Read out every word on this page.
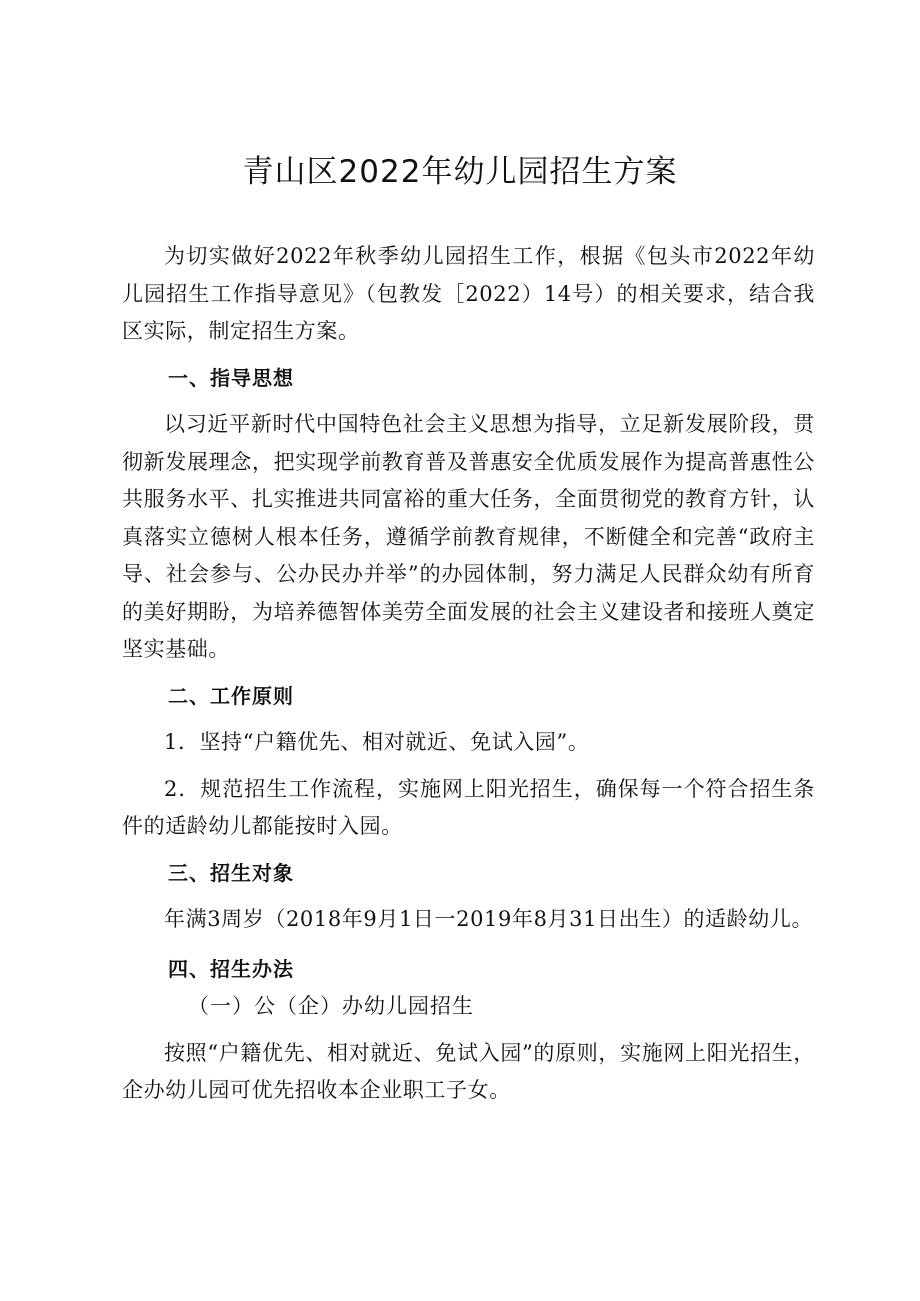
青山区2022年幼儿园招生方案

为切实做好2022年秋季幼儿园招生工作，根据《包头市2022年幼儿园招生工作指导意见》（包教发［2022）14号）的相关要求，结合我区实际，制定招生方案。

一、指导思想

以习近平新时代中国特色社会主义思想为指导，立足新发展阶段，贯彻新发展理念，把实现学前教育普及普惠安全优质发展作为提高普惠性公共服务水平、扎实推进共同富裕的重大任务，全面贯彻党的教育方针，认真落实立德树人根本任务，遵循学前教育规律，不断健全和完善“政府主导、社会参与、公办民办并举”的办园体制，努力满足人民群众幼有所育的美好期盼，为培养德智体美劳全面发展的社会主义建设者和接班人奠定坚实基础。

二、工作原则

1．坚持“户籍优先、相对就近、免试入园”。

2．规范招生工作流程，实施网上阳光招生，确保每一个符合招生条件的适龄幼儿都能按时入园。

三、招生对象

年满3周岁（2018年9月1日一2019年8月31日出生）的适龄幼儿。

四、招生办法

（一）公（企）办幼儿园招生

按照“户籍优先、相对就近、免试入园”的原则，实施网上阳光招生，企办幼儿园可优先招收本企业职工子女。
